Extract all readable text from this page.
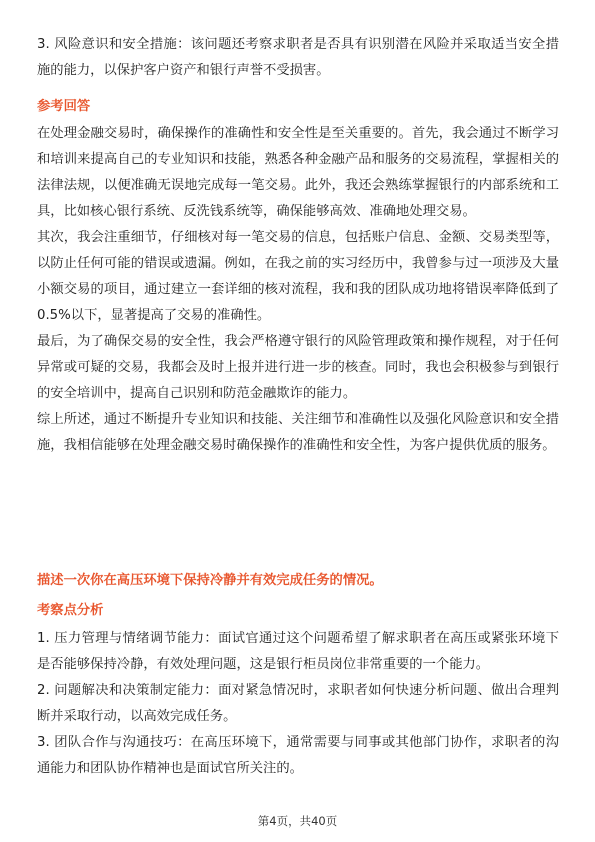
3. 风险意识和安全措施：该问题还考察求职者是否具有识别潜在风险并采取适当安全措施的能力，以保护客户资产和银行声誉不受损害。

参考回答

在处理金融交易时，确保操作的准确性和安全性是至关重要的。首先，我会通过不断学习和培训来提高自己的专业知识和技能，熟悉各种金融产品和服务的交易流程，掌握相关的法律法规，以便准确无误地完成每一笔交易。此外，我还会熟练掌握银行的内部系统和工具，比如核心银行系统、反洗钱系统等，确保能够高效、准确地处理交易。

其次，我会注重细节，仔细核对每一笔交易的信息，包括账户信息、金额、交易类型等，以防止任何可能的错误或遗漏。例如，在我之前的实习经历中，我曾参与过一项涉及大量小额交易的项目，通过建立一套详细的核对流程，我和我的团队成功地将错误率降低到了0.5%以下，显著提高了交易的准确性。

最后，为了确保交易的安全性，我会严格遵守银行的风险管理政策和操作规程，对于任何异常或可疑的交易，我都会及时上报并进行进一步的核查。同时，我也会积极参与到银行的安全培训中，提高自己识别和防范金融欺诈的能力。

综上所述，通过不断提升专业知识和技能、关注细节和准确性以及强化风险意识和安全措施，我相信能够在处理金融交易时确保操作的准确性和安全性，为客户提供优质的服务。

描述一次你在高压环境下保持冷静并有效完成任务的情况。
考察点分析

1. 压力管理与情绪调节能力：面试官通过这个问题希望了解求职者在高压或紧张环境下是否能够保持冷静，有效处理问题，这是银行柜员岗位非常重要的一个能力。

2. 问题解决和决策制定能力：面对紧急情况时，求职者如何快速分析问题、做出合理判断并采取行动，以高效完成任务。

3. 团队合作与沟通技巧：在高压环境下，通常需要与同事或其他部门协作，求职者的沟通能力和团队协作精神也是面试官所关注的。

第4页，共40页
